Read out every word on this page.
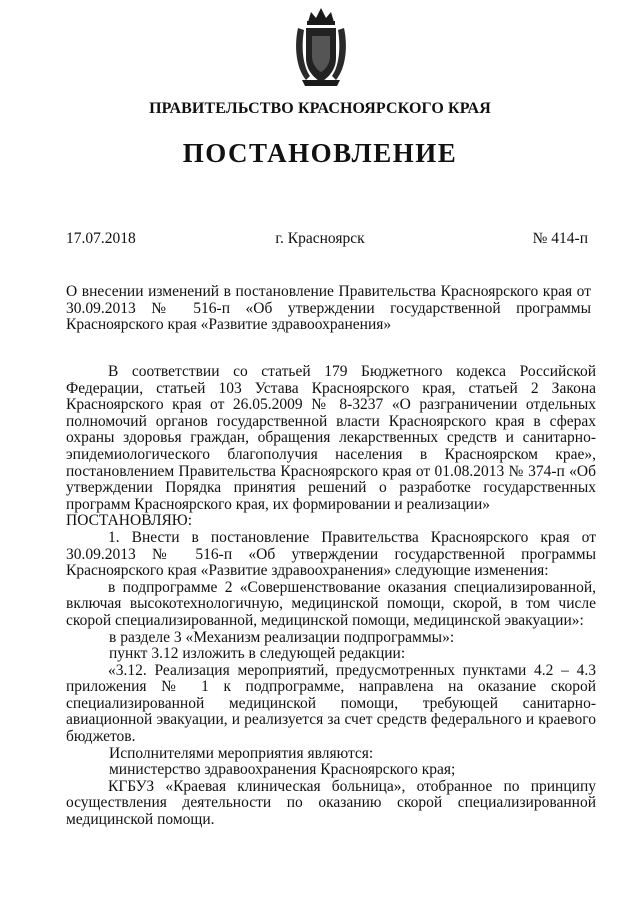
ПРАВИТЕЛЬСТВО КРАСНОЯРСКОГО КРАЯ
ПОСТАНОВЛЕНИЕ
17.07.2018	г. Красноярск	№ 414-п
О внесении изменений в постановление Правительства Красноярского края от 30.09.2013 № 516-п «Об утверждении государственной программы Красноярского края «Развитие здравоохранения»

В соответствии со статьей 179 Бюджетного кодекса Российской Федерации, статьей 103 Устава Красноярского края, статьей 2 Закона Красноярского края от 26.05.2009 № 8-3237 «О разграничении отдельных полномочий органов государственной власти Красноярского края в сферах охраны здоровья граждан, обращения лекарственных средств и санитарно-эпидемиологического благополучия населения в Красноярском крае», постановлением Правительства Красноярского края от 01.08.2013 № 374-п «Об утверждении Порядка принятия решений о разработке государственных программ Красноярского края, их формировании и реализации»

ПОСТАНОВЛЯЮ:

1. Внести в постановление Правительства Красноярского края от 30.09.2013 № 516-п «Об утверждении государственной программы Красноярского края «Развитие здравоохранения» следующие изменения:

в подпрограмме 2 «Совершенствование оказания специализированной, включая высокотехнологичную, медицинской помощи, скорой, в том числе скорой специализированной, медицинской помощи, медицинской эвакуации»:

в разделе 3 «Механизм реализации подпрограммы»:

пункт 3.12 изложить в следующей редакции:

«3.12. Реализация мероприятий, предусмотренных пунктами 4.2 – 4.3 приложения № 1 к подпрограмме, направлена на оказание скорой специализированной медицинской помощи, требующей санитарно-авиационной эвакуации, и реализуется за счет средств федерального и краевого бюджетов.

Исполнителями мероприятия являются:

министерство здравоохранения Красноярского края;

КГБУЗ «Краевая клиническая больница», отобранное по принципу осуществления деятельности по оказанию скорой специализированной медицинской помощи.
